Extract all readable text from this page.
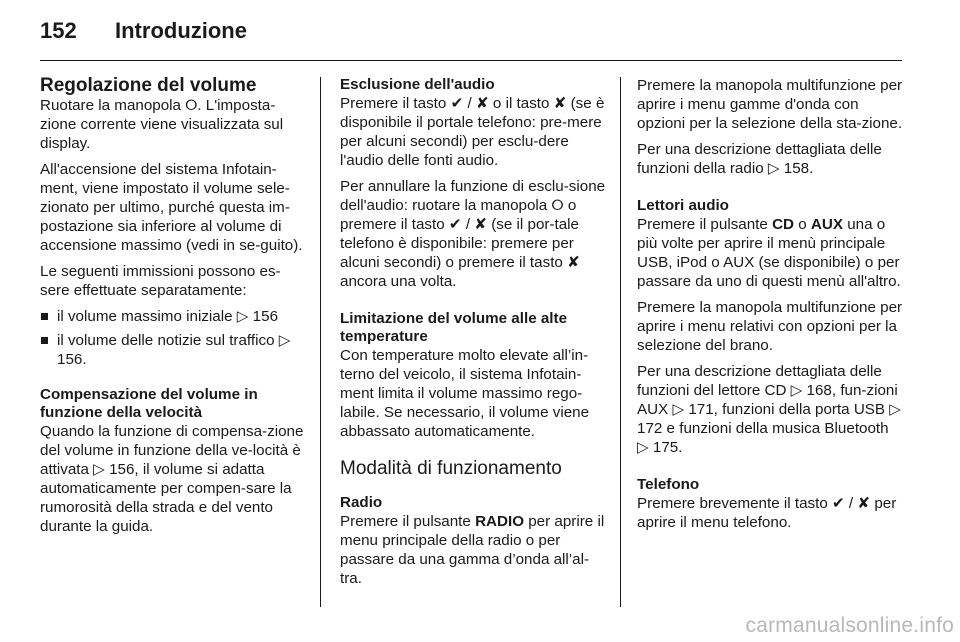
152 Introduzione
Regolazione del volume

Ruotare la manopola ⭘. L'imposta-zione corrente viene visualizzata sul display.

All'accensione del sistema Infotain-ment, viene impostato il volume sele-zionato per ultimo, purché questa im-postazione sia inferiore al volume di accensione massimo (vedi in se-guito).

Le seguenti immissioni possono es-sere effettuate separatamente:

il volume massimo iniziale ▷ 156
il volume delle notizie sul traffico ▷ 156.
Compensazione del volume in funzione della velocità

Quando la funzione di compensa-zione del volume in funzione della ve-locità è attivata ▷ 156, il volume si adatta automaticamente per compen-sare la rumorosità della strada e del vento durante la guida.

Esclusione dell'audio

Premere il tasto ✔ / ✘ o il tasto ✘ (se è disponibile il portale telefono: pre-mere per alcuni secondi) per esclu-dere l'audio delle fonti audio.

Per annullare la funzione di esclu-sione dell'audio: ruotare la manopola ⭘ o premere il tasto ✔ / ✘ (se il por-tale telefono è disponibile: premere per alcuni secondi) o premere il tasto ✘ ancora una volta.

Limitazione del volume alle alte temperature

Con temperature molto elevate all’in-terno del veicolo, il sistema Infotain-ment limita il volume massimo rego-labile. Se necessario, il volume viene abbassato automaticamente.

Modalità di funzionamento
Radio

Premere il pulsante RADIO per aprire il menu principale della radio o per passare da una gamma d’onda all’al-tra.

Premere la manopola multifunzione per aprire i menu gamme d'onda con opzioni per la selezione della sta-zione.

Per una descrizione dettagliata delle funzioni della radio ▷ 158.

Lettori audio

Premere il pulsante CD o AUX una o più volte per aprire il menù principale USB, iPod o AUX (se disponibile) o per passare da uno di questi menù all'altro.

Premere la manopola multifunzione per aprire i menu relativi con opzioni per la selezione del brano.

Per una descrizione dettagliata delle funzioni del lettore CD ▷ 168, fun-zioni AUX ▷ 171, funzioni della porta USB ▷ 172 e funzioni della musica Bluetooth ▷ 175.

Telefono

Premere brevemente il tasto ✔ / ✘ per aprire il menu telefono.

carmanualsonline.info
